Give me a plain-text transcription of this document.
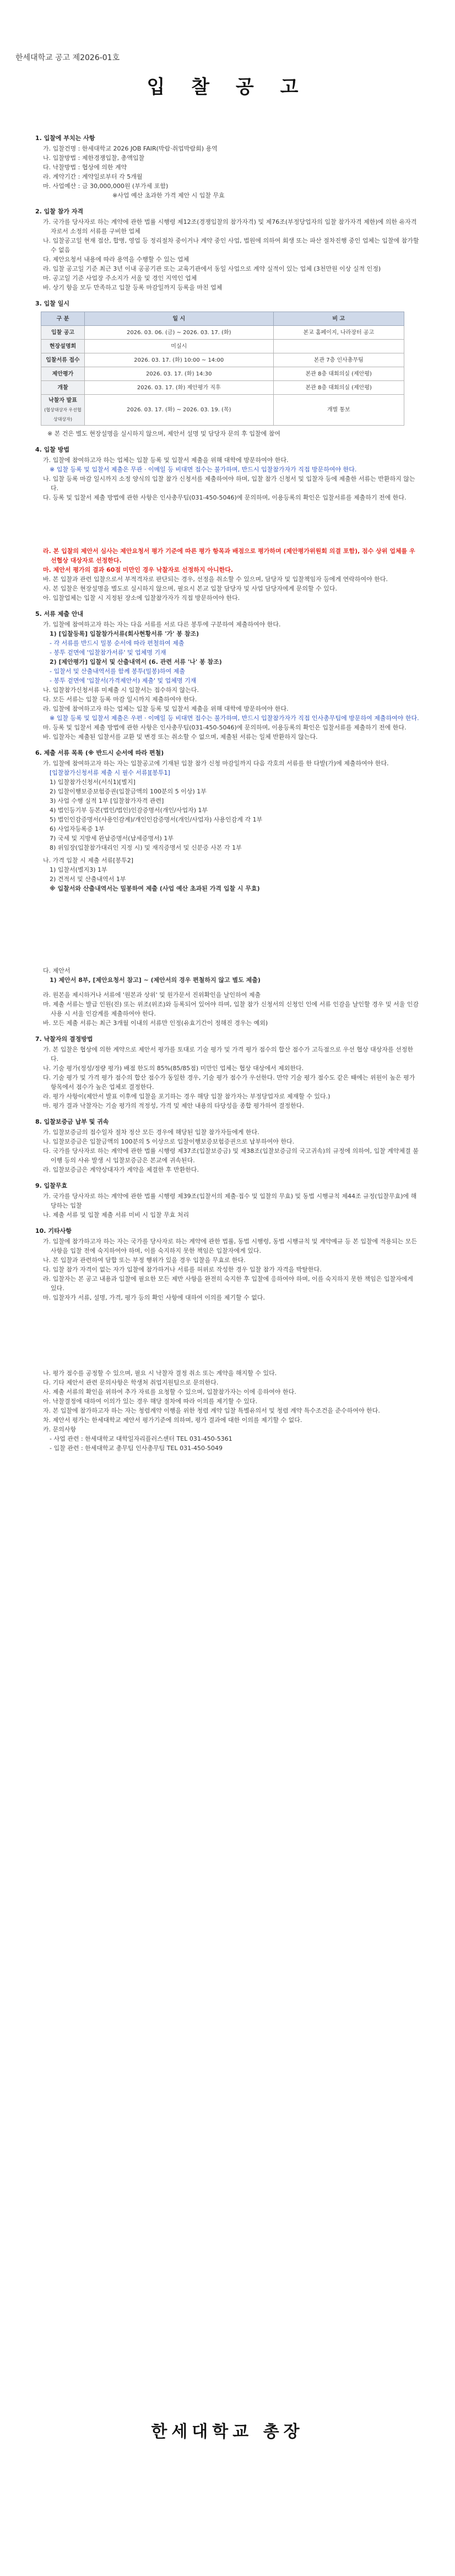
한세대학교 공고 제2026-01호
입 찰 공 고
1. 입찰에 부치는 사항
가. 입찰건명 : 한세대학교 2026 JOB FAIR(박람·취업박람회) 용역
나. 입찰방법 : 제한경쟁입찰, 총액입찰
다. 낙찰방법 : 협상에 의한 계약
라. 계약기간 : 계약일로부터 각 5개월
마. 사업예산 : 금 30,000,000원 (부가세 포함)
※사업 예산 초과한 가격 제안 시 입찰 무효
2. 입찰 참가 자격
가. 국가를 당사자로 하는 계약에 관한 법률 시행령 제12조(경쟁입찰의 참가자격) 및 제76조(부정당업자의 입찰 참가자격 제한)에 의한 유자격자로서 소정의 서류를 구비한 업체
나. 입찰공고일 현재 접산, 합병, 영업 등 정리절차 중이거나 계약 중인 사업, 법원에 의하여 회생 또는 파산 절차진행 중인 업체는 입찰에 참가할 수 없음
다. 제안요청서 내용에 따라 용역을 수행할 수 있는 업체
라. 입찰 공고일 기준 최근 3년 이내 공공기관 또는 교육기관에서 동일 사업으로 계약 실적이 있는 업체 (3천만원 이상 실적 인정)
마. 공고일 기준 사업장 주소지가 서울 및 경인 지역인 업체
바. 상기 항을 모두 만족하고 입찰 등록 마감일까지 등록을 마친 업체
3. 입찰 일시
구 분	일 시	비 고
입찰 공고	2026. 03. 06. (금) ~ 2026. 03. 17. (화)	본교 홈페이지, 나라장터 공고
현장설명회	미실시	
입찰서류 접수	2026. 03. 17. (화) 10:00 ~ 14:00	본관 7층 인사총무팀
제안평가	2026. 03. 17. (화) 14:30	본관 8층 대회의실 (제안평)
개찰	2026. 03. 17. (화) 제안평가 직후	본관 8층 대회의실 (제안평)
낙찰자 발표
(협상대상자 우선협상대상자)	2026. 03. 17. (화) ~ 2026. 03. 19. (목)	개별 통보
※ 본 건은 별도 현장설명을 실시하지 않으며, 제안서 설명 및 담당자 문의 후 입찰에 참여
4. 입찰 방법
가. 입찰에 참여하고자 하는 업체는 입찰 등록 및 입찰서 제출을 위해 대학에 방문하여야 한다.
※ 입찰 등록 및 입찰서 제출은 무관 · 이메일 등 비대면 접수는 불가하며, 반드시 입찰참가자가 직접 방문하여야 한다.
나. 입찰 등록 마감 일시까지 소정 양식의 입찰 참가 신청서를 제출하여야 하며, 입찰 참가 신청서 및 입찰자 등에 제출한 서류는 반환하지 않는다.
다. 등록 및 입찰서 제출 방법에 관한 사항은 인사총무팀(031-450-5046)에 문의하며, 이용등록의 확인은 입찰서류를 제출하기 전에 한다.
라. 본 입찰의 제안서 심사는 제안요청서 평가 기준에 따른 평가 항목과 배점으로 평가하며 (제안평가위원회 의결 포함), 점수 상위 업체를 우선협상 대상자로 선정한다.
마. 제안서 평가의 결과 60점 미만인 경우 낙찰자로 선정하지 아니한다.
바. 본 입찰과 관련 입찰으로서 부적격자로 판단되는 경우, 선정을 취소할 수 있으며, 담당자 및 입찰책임자 등에게 연락하여야 한다.
사. 본 입찰은 현장설명을 별도로 실시하지 않으며, 필요시 본교 입찰 담당자 및 사업 담당자에게 문의할 수 있다.
아. 입찰업체는 입찰 시 지정된 장소에 입찰참가자가 직접 방문하여야 한다.
5. 서류 제출 안내
가. 입찰에 참여하고자 하는 자는 다음 서류를 서로 다른 봉투에 구분하여 제출하여야 한다.
1) [입찰등록] 입찰참가서류(회사현황서류 '가' 봉 참조)
- 각 서류를 반드시 밀봉 순서에 따라 편철하여 제출
- 봉투 겉면에 '입찰참가서류' 및 업체명 기재
2) [제안평가] 입찰서 및 산출내역서 (6. 관련 서류 '나' 봉 참조)
- 입찰서 및 산출내역서를 함께 봉투(밀봉)하여 제출
- 봉투 겉면에 '입찰서(가격제안서) 제출' 및 업체명 기재
나. 입찰참가신청서류 미제출 시 입찰서는 접수하지 않는다.
다. 모든 서류는 입찰 등록 마감 일시까지 제출하여야 한다.
라. 입찰에 참여하고자 하는 업체는 입찰 등록 및 입찰서 제출을 위해 대학에 방문하여야 한다.
※ 입찰 등록 및 입찰서 제출은 우편 · 이메일 등 비대면 접수는 불가하며, 반드시 입찰참가자가 직접 인사총무팀에 방문하여 제출하여야 한다.
마. 등록 및 입찰서 제출 방법에 관한 사항은 인사총무팀(031-450-5046)에 문의하며, 이용등록의 확인은 입찰서류를 제출하기 전에 한다.
바. 입찰자는 제출된 입찰서를 교환 및 변경 또는 취소할 수 없으며, 제출된 서류는 일체 반환하지 않는다.
6. 제출 서류 목록 (※ 반드시 순서에 따라 편철)
가. 입찰에 참여하고자 하는 자는 입찰공고에 기재된 입찰 참가 신청 마감일까지 다음 각호의 서류를 한 다발(가)에 제출하여야 한다.
[입찰참가신청서류 제출 시 필수 서류][봉투1]
1) 입찰참가신청서(서식1)[별지]
2) 입찰이행보증보험증권(입찰금액의 100분의 5 이상) 1부
3) 사업 수행 실적 1부 [입찰참가자격 관련]
4) 법인등기부 등본(법인/법인)인감증명서(개인/사업자) 1부
5) 법인인감증명서(사용인감계)/개인인감증명서(개인/사업자) 사용인감계 각 1부
6) 사업자등록증 1부
7) 국세 및 지방세 완납증명서(납세증명서) 1부
8) 위임장(입찰참가대리인 지정 시) 및 재직증명서 및 신분증 사본 각 1부
나. 가격 입찰 시 제출 서류[봉투2]
1) 입찰서(별지3) 1부
2) 견적서 및 산출내역서 1부
※ 입찰서와 산출내역서는 밀봉하여 제출 (사업 예산 초과된 가격 입찰 시 무효)
다. 제안서
1) 제안서 8부, [제안요청서 참고] ~ (제안서의 경우 편철하지 않고 별도 제출)
라. 원본을 제시하거나 서류에 '원본과 상위' 및 원가문서 진위확인을 날인하여 제출
마. 제출 서류는 발급 인원(진) 또는 위조(위조)와 등록되어 있어야 하며, 입찰 참가 신청서의 신청인 인에 서류 인감을 날인할 경우 및 서울 인감 사용 시 서울 인감계를 제출하여야 한다.
바. 모든 제출 서류는 최근 3개월 이내의 서류만 인정(유효기간이 정해진 경우는 예외)
7. 낙찰자의 결정방법
가. 본 입찰은 협상에 의한 계약으로 제안서 평가를 토대로 기술 평가 및 가격 평가 점수의 합산 점수가 고득점으로 우선 협상 대상자를 선정한다.
나. 기술 평가(정성/정량 평가) 배점 한도의 85%(85/85점) 미만인 업체는 협상 대상에서 제외한다.
다. 기술 평가 및 가격 평가 점수의 합산 점수가 동일한 경우, 기술 평가 점수가 우선한다. 만약 기술 평가 점수도 같은 때에는 위원이 높은 평가 항목에서 점수가 높은 업체로 결정한다.
라. 평가 사항이(제안서 발표 이후에 입찰을 포기하는 경우 해당 입찰 참가자는 부정당업자로 제재할 수 있다.)
마. 평가 결과 낙찰자는 기술 평가의 적정성, 가격 및 제안 내용의 타당성을 종합 평가하여 결정한다.
8. 입찰보증금 납부 및 귀속
가. 입찰보증금의 접수일자 절차 정산 모든 경우에 해당된 입찰 참가자들에게 한다.
나. 입찰보증금은 입찰금액의 100분의 5 이상으로 입찰이행보증보험증권으로 납부하여야 한다.
다. 국가를 당사자로 하는 계약에 관한 법률 시행령 제37조(입찰보증금) 및 제38조(입찰보증금의 국고귀속)의 규정에 의하여, 입찰 계약체결 불이행 등의 사유 발생 시 입찰보증금은 본교에 귀속된다.
라. 입찰보증금은 계약상대자가 계약을 체결한 후 반환한다.
9. 입찰무효
가. 국가를 당사자로 하는 계약에 관한 법률 시행령 제39조(입찰서의 제출·접수 및 입찰의 무효) 및 동법 시행규칙 제44조 규정(입찰무효)에 해당하는 입찰
나. 제출 서류 및 입찰 제출 서류 미비 시 입찰 무효 처리
10. 기타사항
가. 입찰에 참가하고자 하는 자는 국가를 당사자로 하는 계약에 관한 법률, 동법 시행령, 동법 시행규칙 및 계약예규 등 본 입찰에 적용되는 모든 사항을 입찰 전에 숙지하여야 하며, 이를 숙지하지 못한 책임은 입찰자에게 있다.
나. 본 입찰과 관련하여 담합 또는 부정 행위가 있을 경우 입찰을 무효로 한다.
다. 입찰 참가 자격이 없는 자가 입찰에 참가하거나 서류를 허위로 작성한 경우 입찰 참가 자격을 박탈한다.
라. 입찰자는 본 공고 내용과 입찰에 필요한 모든 제반 사항을 완전히 숙지한 후 입찰에 응하여야 하며, 이를 숙지하지 못한 책임은 입찰자에게 있다.
마. 입찰자가 서류, 설명, 가격, 평가 등의 확인 사항에 대하여 이의를 제기할 수 없다.
나. 평가 점수를 공정할 수 있으며, 필요 시 낙찰자 결정 취소 또는 계약을 해지할 수 있다.
다. 기타 제안서 관련 문의사항은 학생처 취업지원팀으로 문의한다.
사. 제출 서류의 확인을 위하여 추가 자료를 요청할 수 있으며, 입찰참가자는 이에 응하여야 한다.
아. 낙찰결정에 대하여 이의가 있는 경우 해당 절차에 따라 이의를 제기할 수 있다.
자. 본 입찰에 참가하고자 하는 자는 청렴계약 이행을 위한 청렴 계약 입찰 특별유의서 및 청렴 계약 특수조건을 준수하여야 한다.
차. 제안서 평가는 한세대학교 제안서 평가기준에 의하며, 평가 결과에 대한 이의를 제기할 수 없다.
카. 문의사항
- 사업 관련 : 한세대학교 대학일자리플러스센터 TEL 031-450-5361
- 입찰 관련 : 한세대학교 총무팀 인사총무팀 TEL 031-450-5049
한세대학교 총장
